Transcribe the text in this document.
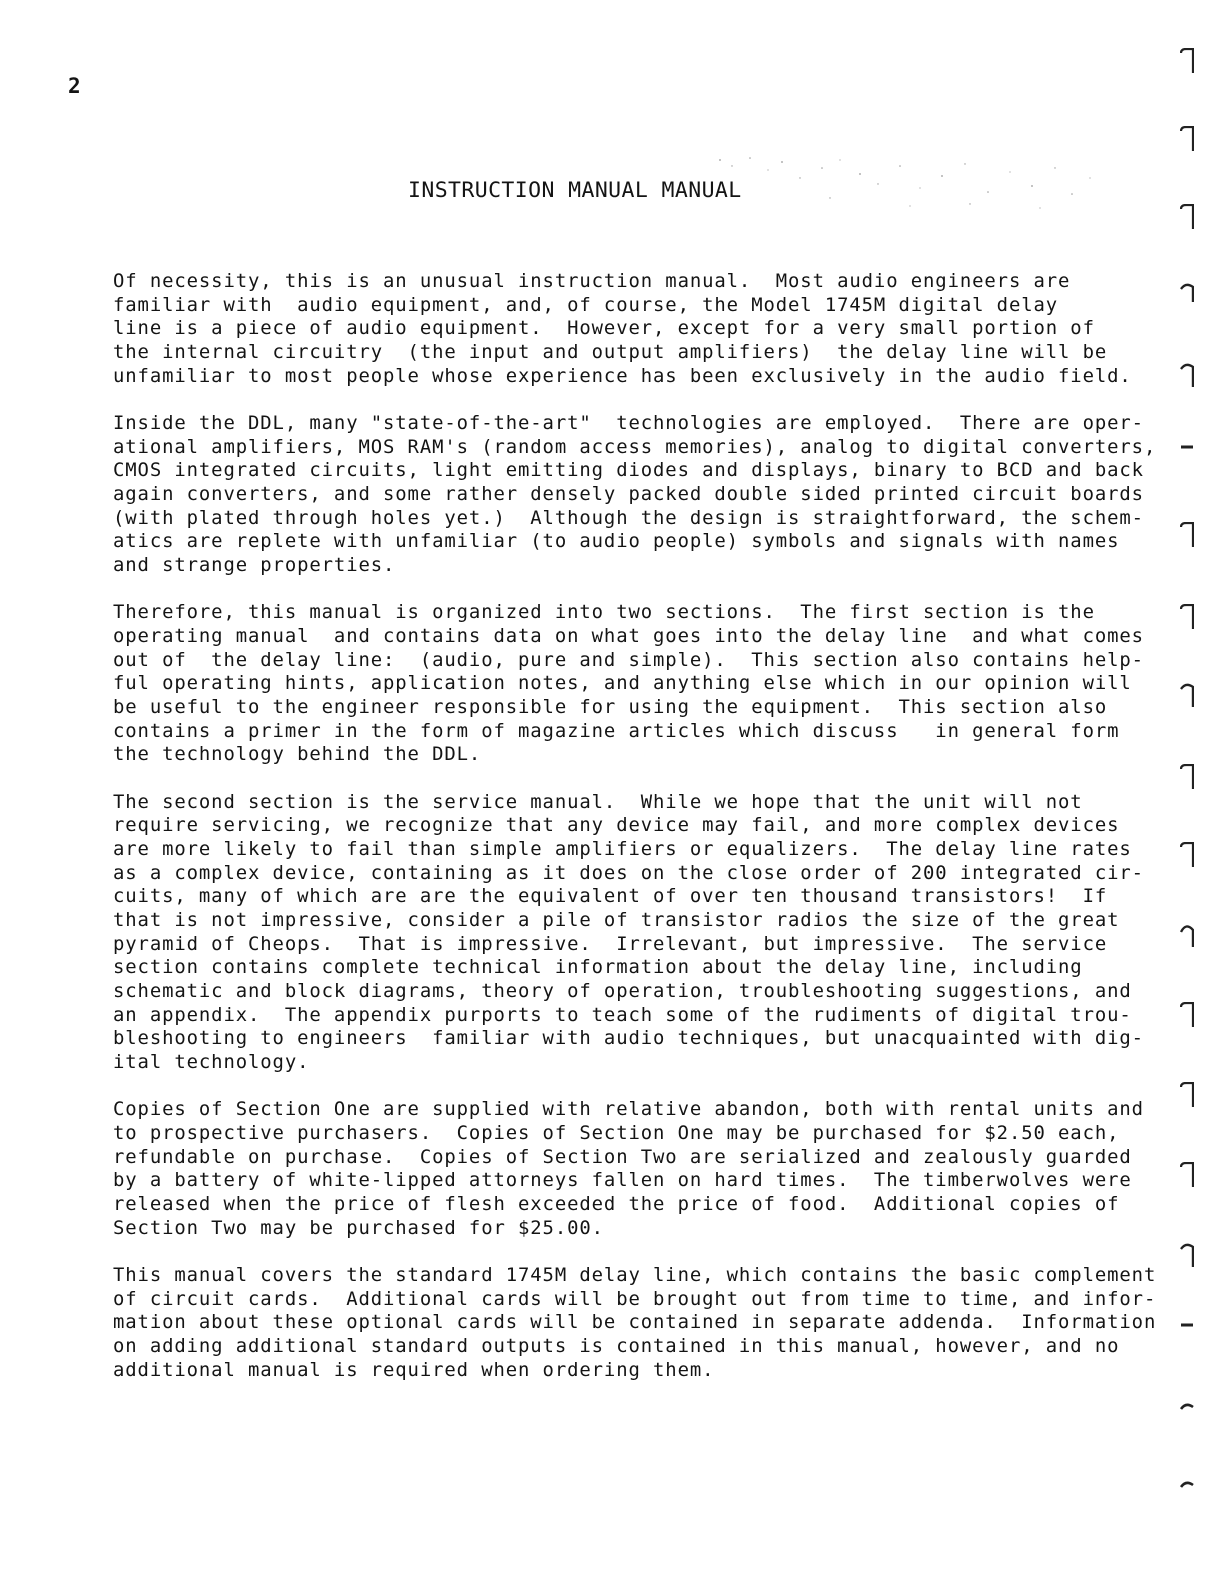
2
INSTRUCTION MANUAL MANUAL
Of necessity, this is an unusual instruction manual.  Most audio engineers are
familiar with  audio equipment, and, of course, the Model 1745M digital delay
line is a piece of audio equipment.  However, except for a very small portion of
the internal circuitry  (the input and output amplifiers)  the delay line will be
unfamiliar to most people whose experience has been exclusively in the audio field.
Inside the DDL, many "state-of-the-art"  technologies are employed.  There are oper-
ational amplifiers, MOS RAM's (random access memories), analog to digital converters,
CMOS integrated circuits, light emitting diodes and displays, binary to BCD and back
again converters, and some rather densely packed double sided printed circuit boards
(with plated through holes yet.)  Although the design is straightforward, the schem-
atics are replete with unfamiliar (to audio people) symbols and signals with names
and strange properties.
Therefore, this manual is organized into two sections.  The first section is the
operating manual  and contains data on what goes into the delay line  and what comes
out of  the delay line:  (audio, pure and simple).  This section also contains help-
ful operating hints, application notes, and anything else which in our opinion will
be useful to the engineer responsible for using the equipment.  This section also
contains a primer in the form of magazine articles which discuss   in general form
the technology behind the DDL.
The second section is the service manual.  While we hope that the unit will not
require servicing, we recognize that any device may fail, and more complex devices
are more likely to fail than simple amplifiers or equalizers.  The delay line rates
as a complex device, containing as it does on the close order of 200 integrated cir-
cuits, many of which are are the equivalent of over ten thousand transistors!  If
that is not impressive, consider a pile of transistor radios the size of the great
pyramid of Cheops.  That is impressive.  Irrelevant, but impressive.  The service
section contains complete technical information about the delay line, including
schematic and block diagrams, theory of operation, troubleshooting suggestions, and
an appendix.  The appendix purports to teach some of the rudiments of digital trou-
bleshooting to engineers  familiar with audio techniques, but unacquainted with dig-
ital technology.
Copies of Section One are supplied with relative abandon, both with rental units and
to prospective purchasers.  Copies of Section One may be purchased for $2.50 each,
refundable on purchase.  Copies of Section Two are serialized and zealously guarded
by a battery of white-lipped attorneys fallen on hard times.  The timberwolves were
released when the price of flesh exceeded the price of food.  Additional copies of
Section Two may be purchased for $25.00.
This manual covers the standard 1745M delay line, which contains the basic complement
of circuit cards.  Additional cards will be brought out from time to time, and infor-
mation about these optional cards will be contained in separate addenda.  Information
on adding additional standard outputs is contained in this manual, however, and no
additional manual is required when ordering them.
